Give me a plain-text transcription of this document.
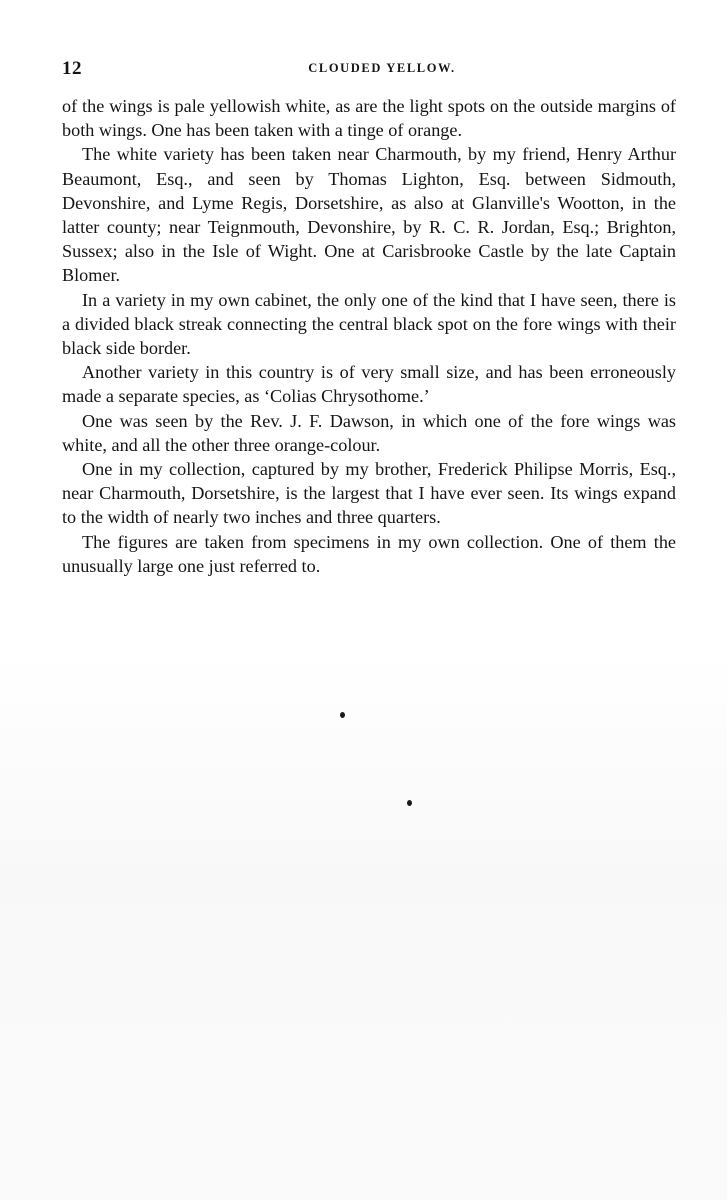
12	CLOUDED YELLOW.

of the wings is pale yellowish white, as are the light spots on the outside margins of both wings. One has been taken with a tinge of orange.

The white variety has been taken near Charmouth, by my friend, Henry Arthur Beaumont, Esq., and seen by Thomas Lighton, Esq. between Sidmouth, Devonshire, and Lyme Regis, Dorsetshire, as also at Glanville's Wootton, in the latter county; near Teignmouth, Devonshire, by R. C. R. Jordan, Esq.; Brighton, Sussex; also in the Isle of Wight. One at Carisbrooke Castle by the late Captain Blomer.

In a variety in my own cabinet, the only one of the kind that I have seen, there is a divided black streak connecting the central black spot on the fore wings with their black side border.

Another variety in this country is of very small size, and has been erroneously made a separate species, as ‘Colias Chrysothome.’

One was seen by the Rev. J. F. Dawson, in which one of the fore wings was white, and all the other three orange-colour.

One in my collection, captured by my brother, Frederick Philipse Morris, Esq., near Charmouth, Dorsetshire, is the largest that I have ever seen. Its wings expand to the width of nearly two inches and three quarters.

The figures are taken from specimens in my own collection. One of them the unusually large one just referred to.
